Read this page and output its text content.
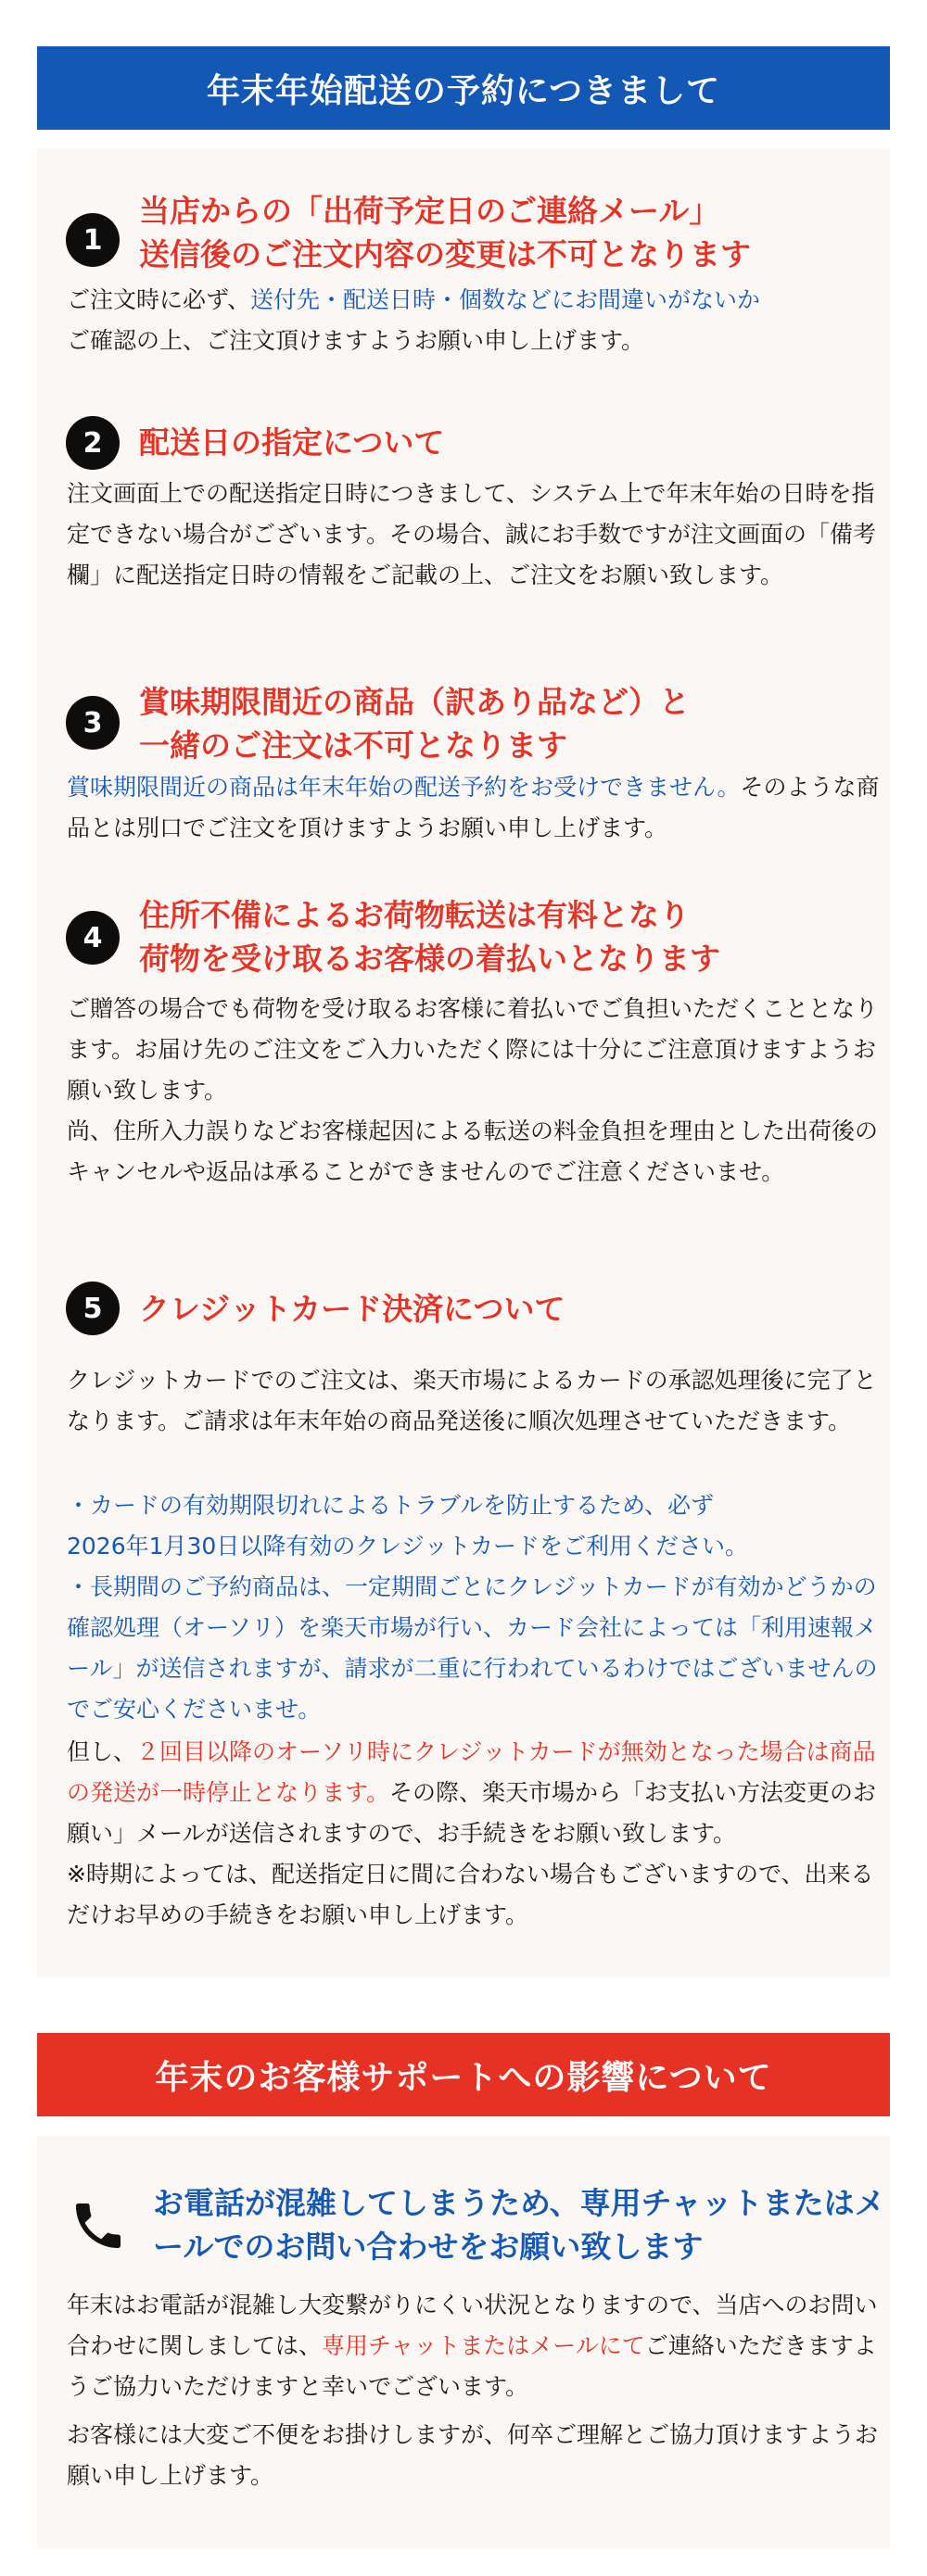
年末年始配送の予約につきまして
1
当店からの「出荷予定日のご連絡メール」
送信後のご注文内容の変更は不可となります
ご注文時に必ず、送付先・配送日時・個数などにお間違いがないか
ご確認の上、ご注文頂けますようお願い申し上げます。
2	配送日の指定について
注文画面上での配送指定日時につきまして、システム上で年末年始の日時を指定できない場合がございます。その場合、誠にお手数ですが注文画面の「備考欄」に配送指定日時の情報をご記載の上、ご注文をお願い致します。
3
賞味期限間近の商品（訳あり品など）と
一緒のご注文は不可となります
賞味期限間近の商品は年末年始の配送予約をお受けできません。そのような商品とは別口でご注文を頂けますようお願い申し上げます。
4
住所不備によるお荷物転送は有料となり
荷物を受け取るお客様の着払いとなります
ご贈答の場合でも荷物を受け取るお客様に着払いでご負担いただくこととなります。お届け先のご注文をご入力いただく際には十分にご注意頂けますようお願い致します。
尚、住所入力誤りなどお客様起因による転送の料金負担を理由とした出荷後のキャンセルや返品は承ることができませんのでご注意くださいませ。
5	クレジットカード決済について
クレジットカードでのご注文は、楽天市場によるカードの承認処理後に完了となります。ご請求は年末年始の商品発送後に順次処理させていただきます。
・カードの有効期限切れによるトラブルを防止するため、必ず
2026年1月30日以降有効のクレジットカードをご利用ください。
・長期間のご予約商品は、一定期間ごとにクレジットカードが有効かどうかの確認処理（オーソリ）を楽天市場が行い、カード会社によっては「利用速報メール」が送信されますが、請求が二重に行われているわけではございませんのでご安心くださいませ。
但し、２回目以降のオーソリ時にクレジットカードが無効となった場合は商品の発送が一時停止となります。その際、楽天市場から「お支払い方法変更のお願い」メールが送信されますので、お手続きをお願い致します。
※時期によっては、配送指定日に間に合わない場合もございますので、出来るだけお早めの手続きをお願い申し上げます。
年末のお客様サポートへの影響について
お電話が混雑してしまうため、専用チャットまたはメールでのお問い合わせをお願い致します
年末はお電話が混雑し大変繋がりにくい状況となりますので、当店へのお問い合わせに関しましては、専用チャットまたはメールにてご連絡いただきますようご協力いただけますと幸いでございます。
お客様には大変ご不便をお掛けしますが、何卒ご理解とご協力頂けますようお願い申し上げます。
